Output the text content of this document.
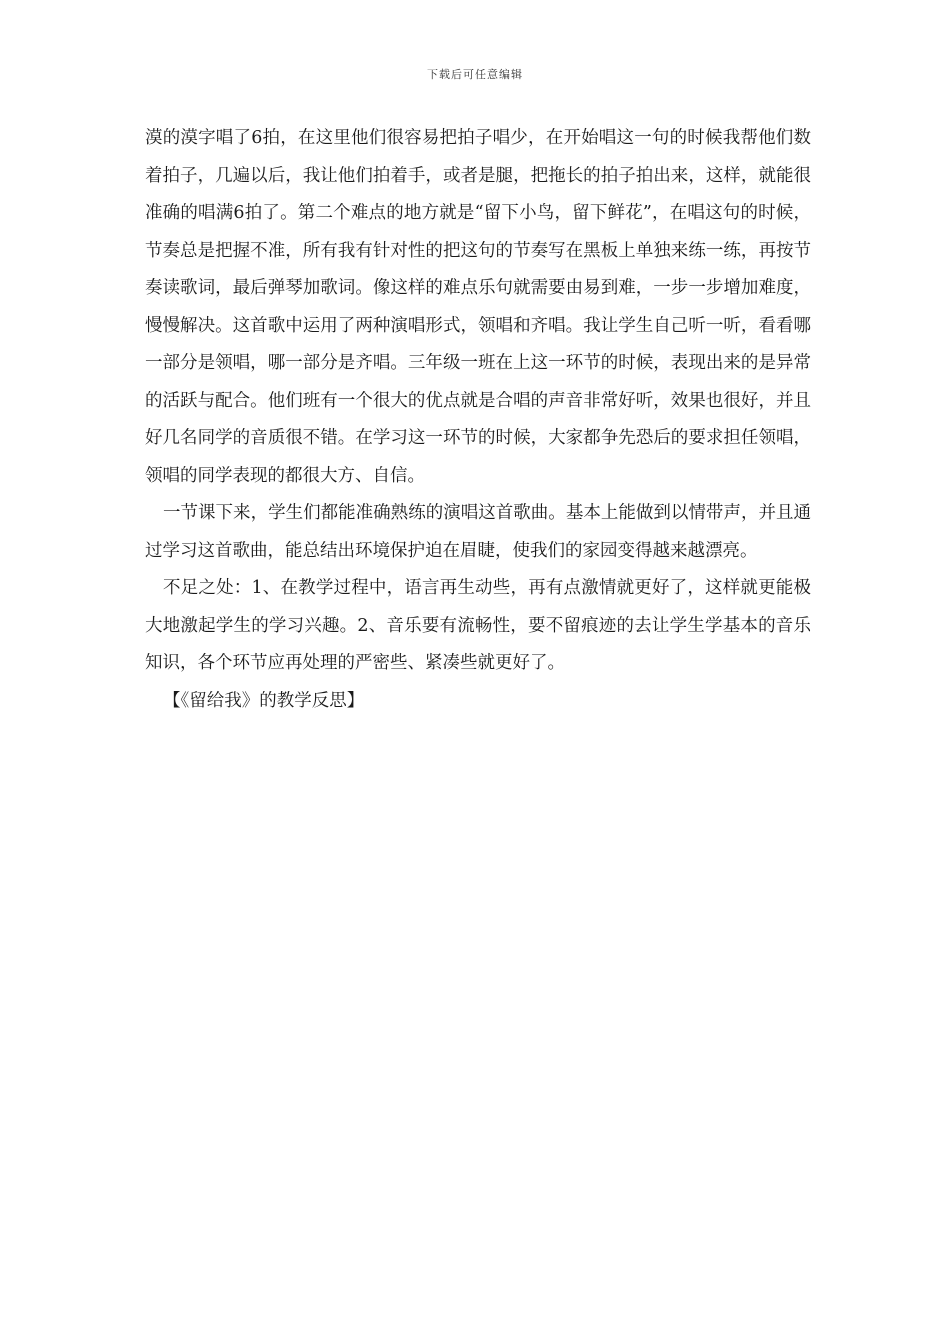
下载后可任意编辑

漠的漠字唱了6拍，在这里他们很容易把拍子唱少，在开始唱这一句的时候我帮他们数着拍子，几遍以后，我让他们拍着手，或者是腿，把拖长的拍子拍出来，这样，就能很准确的唱满6拍了。第二个难点的地方就是“留下小鸟，留下鲜花”，在唱这句的时候，节奏总是把握不准，所有我有针对性的把这句的节奏写在黑板上单独来练一练，再按节奏读歌词，最后弹琴加歌词。像这样的难点乐句就需要由易到难，一步一步增加难度，慢慢解决。这首歌中运用了两种演唱形式，领唱和齐唱。我让学生自己听一听，看看哪一部分是领唱，哪一部分是齐唱。三年级一班在上这一环节的时候，表现出来的是异常的活跃与配合。他们班有一个很大的优点就是合唱的声音非常好听，效果也很好，并且好几名同学的音质很不错。在学习这一环节的时候，大家都争先恐后的要求担任领唱，领唱的同学表现的都很大方、自信。

一节课下来，学生们都能准确熟练的演唱这首歌曲。基本上能做到以情带声，并且通过学习这首歌曲，能总结出环境保护迫在眉睫，使我们的家园变得越来越漂亮。

不足之处：1、在教学过程中，语言再生动些，再有点激情就更好了，这样就更能极大地激起学生的学习兴趣。2、音乐要有流畅性，要不留痕迹的去让学生学基本的音乐知识，各个环节应再处理的严密些、紧凑些就更好了。

【《留给我》的教学反思】
